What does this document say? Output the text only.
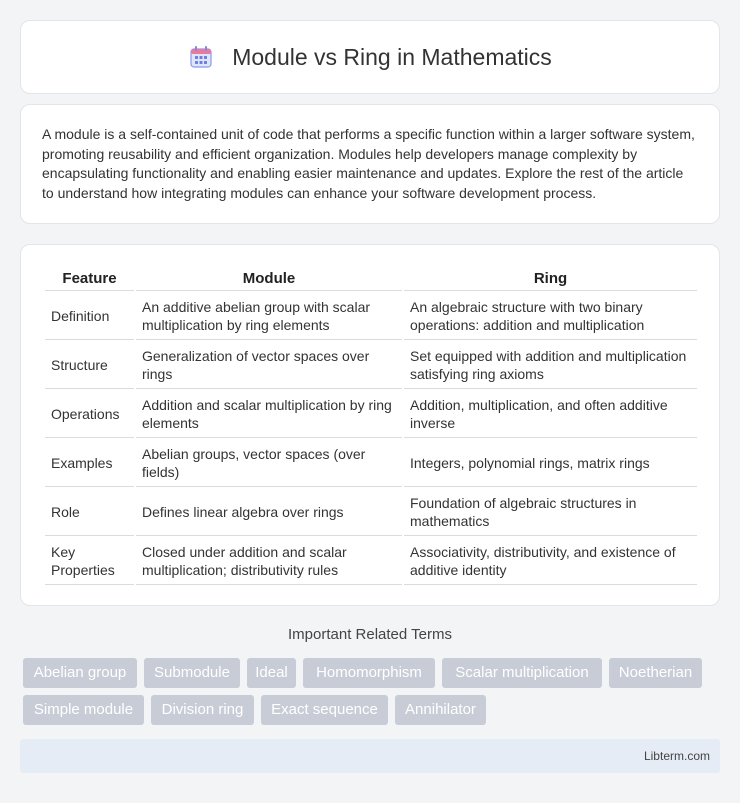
Module vs Ring in Mathematics

A module is a self-contained unit of code that performs a specific function within a larger software system, promoting reusability and efficient organization. Modules help developers manage complexity by encapsulating functionality and enabling easier maintenance and updates. Explore the rest of the article to understand how integrating modules can enhance your software development process.

Feature	Module	Ring
Definition	An additive abelian group with scalar multiplication by ring elements	An algebraic structure with two binary operations: addition and multiplication
Structure	Generalization of vector spaces over rings	Set equipped with addition and multiplication satisfying ring axioms
Operations	Addition and scalar multiplication by ring elements	Addition, multiplication, and often additive inverse
Examples	Abelian groups, vector spaces (over fields)	Integers, polynomial rings, matrix rings
Role	Defines linear algebra over rings	Foundation of algebraic structures in mathematics
Key Properties	Closed under addition and scalar multiplication; distributivity rules	Associativity, distributivity, and existence of additive identity
Important Related Terms
Abelian group	Submodule	Ideal	Homomorphism	Scalar multiplication	Noetherian
Simple module	Division ring	Exact sequence	Annihilator
Libterm.com
